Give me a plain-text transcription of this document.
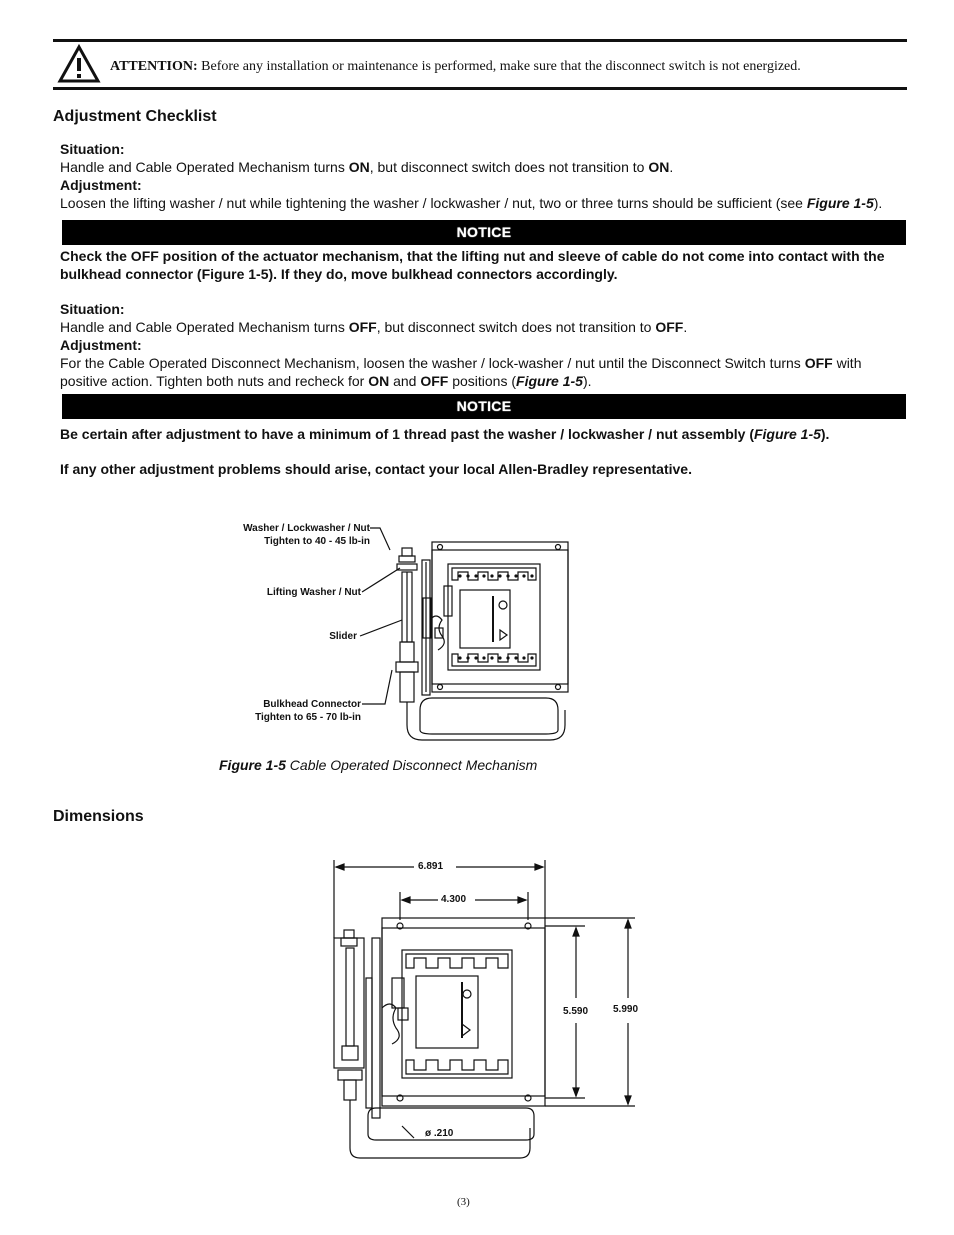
ATTENTION: Before any installation or maintenance is performed, make sure that the disconnect switch is not energized.
Adjustment Checklist
Situation:
Handle and Cable Operated Mechanism turns ON, but disconnect switch does not transition to ON.
Adjustment:
Loosen the lifting washer / nut while tightening the washer / lockwasher / nut, two or three turns should be sufficient (see Figure 1-5).
NOTICE
Check the OFF position of the actuator mechanism, that the lifting nut and sleeve of cable do not come into contact with the bulkhead connector (Figure 1-5). If they do, move bulkhead connectors accordingly.
Situation:
Handle and Cable Operated Mechanism turns OFF, but disconnect switch does not transition to OFF.
Adjustment:
For the Cable Operated Disconnect Mechanism, loosen the washer / lock-washer / nut until the Disconnect Switch turns OFF with positive action. Tighten both nuts and recheck for ON and OFF positions (Figure 1-5).
NOTICE
Be certain after adjustment to have a minimum of 1 thread past the washer / lockwasher / nut assembly (Figure 1-5).
If any other adjustment problems should arise, contact your local Allen-Bradley representative.
Washer / Lockwasher / Nut
Tighten to 40 - 45 lb-in
Lifting Washer / Nut
Slider
Bulkhead Connector
Tighten to 65 - 70 lb-in
Figure 1-5 Cable Operated Disconnect Mechanism
Dimensions
6.891
4.300
5.590 5.990
ø .210
(3)
